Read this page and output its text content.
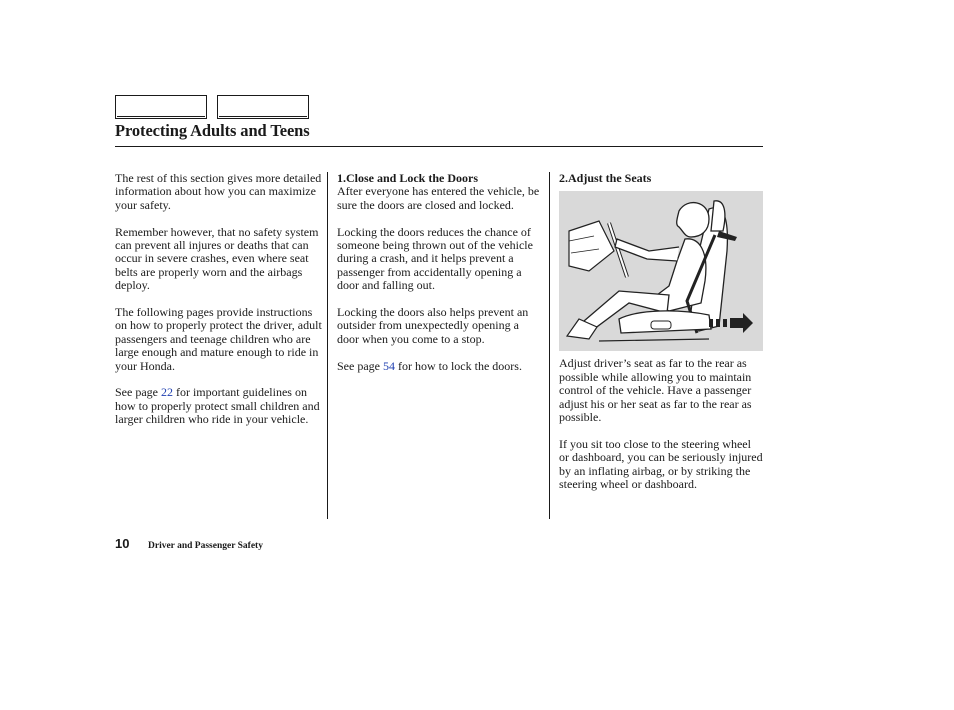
Protecting Adults and Teens

The rest of this section gives more detailed information about how you can maximize your safety.

Remember however, that no safety system can prevent all injures or deaths that can occur in severe crashes, even where seat belts are properly worn and the airbags deploy.

The following pages provide instructions on how to properly protect the driver, adult passengers and teenage children who are large enough and mature enough to ride in your Honda.

See page 22 for important guidelines on how to properly protect small children and larger children who ride in your vehicle.

1.Close and Lock the Doors

After everyone has entered the vehicle, be sure the doors are closed and locked.

Locking the doors reduces the chance of someone being thrown out of the vehicle during a crash, and it helps prevent a passenger from accidentally opening a door and falling out.

Locking the doors also helps prevent an outsider from unexpectedly opening a door when you come to a stop.

See page 54 for how to lock the doors.

2.Adjust the Seats

Adjust driver’s seat as far to the rear as possible while allowing you to maintain control of the vehicle. Have a passenger adjust his or her seat as far to the rear as possible.

If you sit too close to the steering wheel or dashboard, you can be seriously injured by an inflating airbag, or by striking the steering wheel or dashboard.

10 Driver and Passenger Safety
